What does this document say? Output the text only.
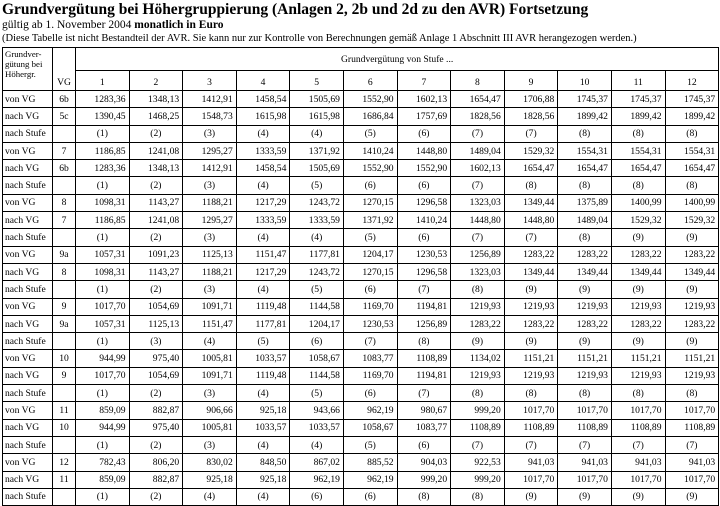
Grundvergütung bei Höhergruppierung (Anlagen 2, 2b und 2d zu den AVR) Fortsetzung
gültig ab 1. November 2004 monatlich in Euro
(Diese Tabelle ist nicht Bestandteil der AVR. Sie kann nur zur Kontrolle von Berechnungen gemäß Anlage 1 Abschnitt III AVR herangezogen werden.)
Grundver-
gütung bei
Höhergr.	VG	Grundvergütung von Stufe ...											
		1	2	3	4	5	6	7	8	9	10	11	12
von VG	6b	1283,36	1348,13	1412,91	1458,54	1505,69	1552,90	1602,13	1654,47	1706,88	1745,37	1745,37	1745,37
nach VG	5c	1390,45	1468,25	1548,73	1615,98	1615,98	1686,84	1757,69	1828,56	1828,56	1899,42	1899,42	1899,42
nach Stufe		(1)	(2)	(3)	(4)	(4)	(5)	(6)	(7)	(7)	(8)	(8)	(8)
von VG	7	1186,85	1241,08	1295,27	1333,59	1371,92	1410,24	1448,80	1489,04	1529,32	1554,31	1554,31	1554,31
nach VG	6b	1283,36	1348,13	1412,91	1458,54	1505,69	1552,90	1552,90	1602,13	1654,47	1654,47	1654,47	1654,47
nach Stufe		(1)	(2)	(3)	(4)	(5)	(6)	(6)	(7)	(8)	(8)	(8)	(8)
von VG	8	1098,31	1143,27	1188,21	1217,29	1243,72	1270,15	1296,58	1323,03	1349,44	1375,89	1400,99	1400,99
nach VG	7	1186,85	1241,08	1295,27	1333,59	1333,59	1371,92	1410,24	1448,80	1448,80	1489,04	1529,32	1529,32
nach Stufe		(1)	(2)	(3)	(4)	(4)	(5)	(6)	(7)	(7)	(8)	(9)	(9)
von VG	9a	1057,31	1091,23	1125,13	1151,47	1177,81	1204,17	1230,53	1256,89	1283,22	1283,22	1283,22	1283,22
nach VG	8	1098,31	1143,27	1188,21	1217,29	1243,72	1270,15	1296,58	1323,03	1349,44	1349,44	1349,44	1349,44
nach Stufe		(1)	(2)	(3)	(4)	(5)	(6)	(7)	(8)	(9)	(9)	(9)	(9)
von VG	9	1017,70	1054,69	1091,71	1119,48	1144,58	1169,70	1194,81	1219,93	1219,93	1219,93	1219,93	1219,93
nach VG	9a	1057,31	1125,13	1151,47	1177,81	1204,17	1230,53	1256,89	1283,22	1283,22	1283,22	1283,22	1283,22
nach Stufe		(1)	(3)	(4)	(5)	(6)	(7)	(8)	(9)	(9)	(9)	(9)	(9)
von VG	10	944,99	975,40	1005,81	1033,57	1058,67	1083,77	1108,89	1134,02	1151,21	1151,21	1151,21	1151,21
nach VG	9	1017,70	1054,69	1091,71	1119,48	1144,58	1169,70	1194,81	1219,93	1219,93	1219,93	1219,93	1219,93
nach Stufe		(1)	(2)	(3)	(4)	(5)	(6)	(7)	(8)	(8)	(8)	(8)	(8)
von VG	11	859,09	882,87	906,66	925,18	943,66	962,19	980,67	999,20	1017,70	1017,70	1017,70	1017,70
nach VG	10	944,99	975,40	1005,81	1033,57	1033,57	1058,67	1083,77	1108,89	1108,89	1108,89	1108,89	1108,89
nach Stufe		(1)	(2)	(3)	(4)	(4)	(5)	(6)	(7)	(7)	(7)	(7)	(7)
von VG	12	782,43	806,20	830,02	848,50	867,02	885,52	904,03	922,53	941,03	941,03	941,03	941,03
nach VG	11	859,09	882,87	925,18	925,18	962,19	962,19	999,20	999,20	1017,70	1017,70	1017,70	1017,70
nach Stufe		(1)	(2)	(4)	(4)	(6)	(6)	(8)	(8)	(9)	(9)	(9)	(9)
